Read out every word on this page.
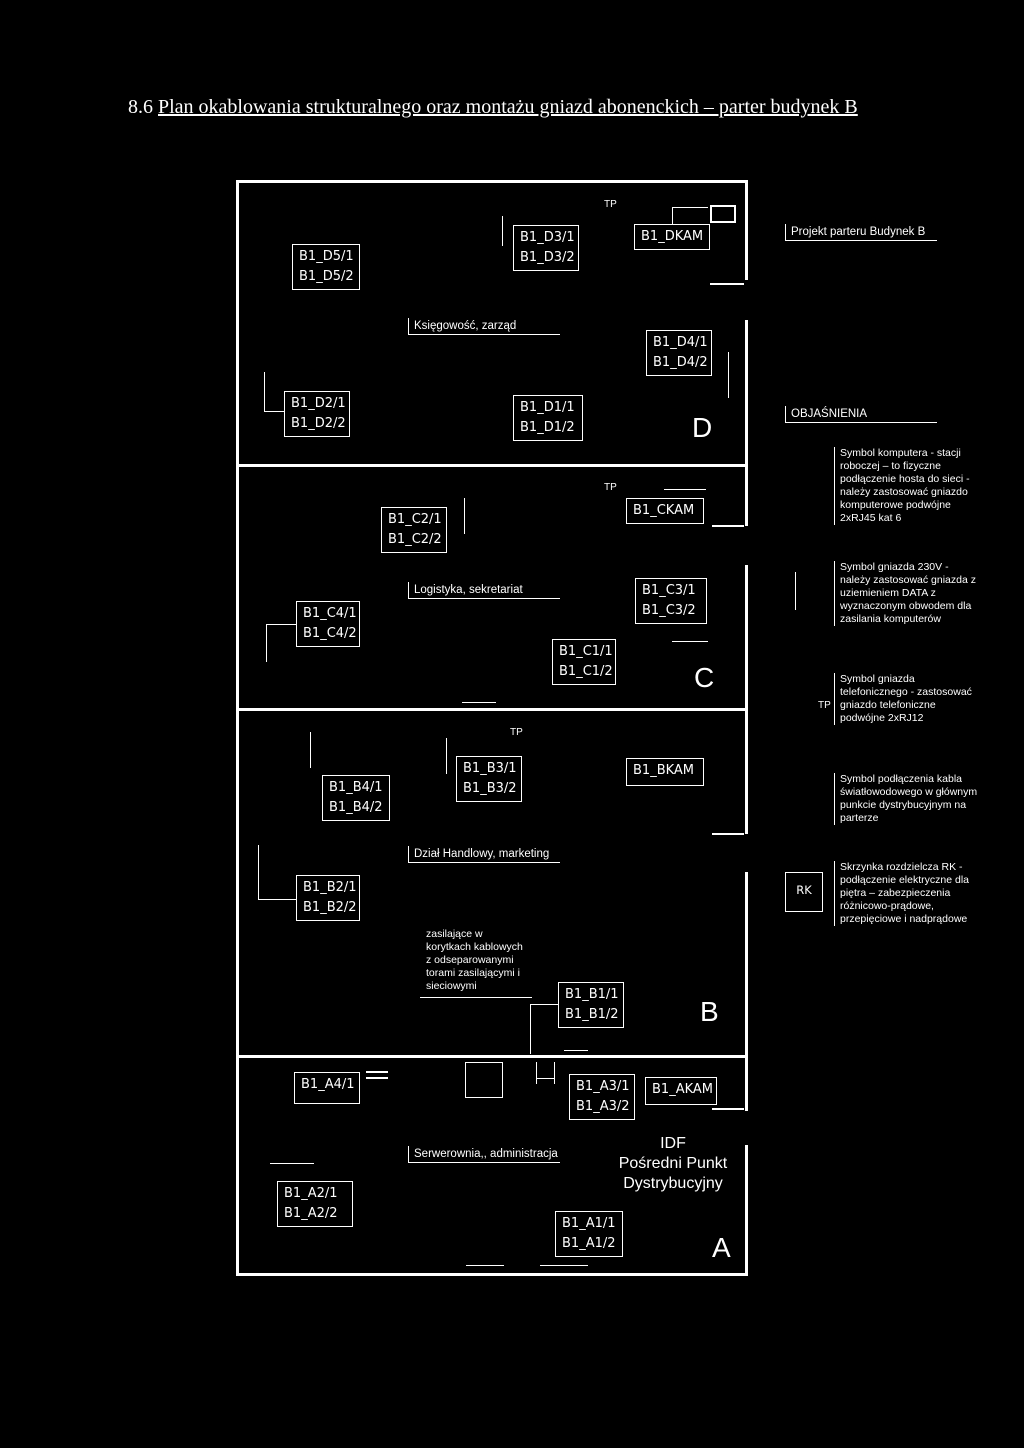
8.6 Plan okablowania strukturalnego oraz montażu gniazd abonenckich – parter budynek B
TP
TP
TP
D
C
B
A
Księgowość, zarząd
Logistyka, sekretariat
Dział Handlowy, marketing
Serwerownia,, administracja
B1_D5/1
B1_D5/2
B1_D3/1
B1_D3/2
B1_DKAM
B1_D4/1
B1_D4/2
B1_D2/1
B1_D2/2
B1_D1/1
B1_D1/2
B1_C2/1
B1_C2/2
B1_CKAM
B1_C4/1
B1_C4/2
B1_C3/1
B1_C3/2
B1_C1/1
B1_C1/2
B1_B4/1
B1_B4/2
B1_B3/1
B1_B3/2
B1_BKAM
B1_B2/1
B1_B2/2
B1_B1/1
B1_B1/2
zasilające w
korytkach kablowych
z odseparowanymi
torami zasilającymi i
sieciowymi
B1_A4/1	B1_A3/1
B1_A3/2
B1_AKAM
B1_A2/1
B1_A2/2
B1_A1/1
B1_A1/2
IDF
Pośredni Punkt
Dystrybucyjny
Projekt parteru Budynek B
OBJAŚNIENIA
Symbol komputera - stacji
roboczej – to fizyczne
podłączenie hosta do sieci -
należy zastosować gniazdo
komputerowe podwójne
2xRJ45 kat 6
Symbol gniazda 230V -
należy zastosować gniazda z
uziemieniem DATA z
wyznaczonym obwodem dla
zasilania komputerów
TP
Symbol gniazda
telefonicznego - zastosować
gniazdo telefoniczne
podwójne 2xRJ12
Symbol podłączenia kabla
światłowodowego w głównym
punkcie dystrybucyjnym na
parterze
RK
Skrzynka rozdzielcza RK -
podłączenie elektryczne dla
piętra – zabezpieczenia
różnicowo-prądowe,
przepięciowe i nadprądowe
